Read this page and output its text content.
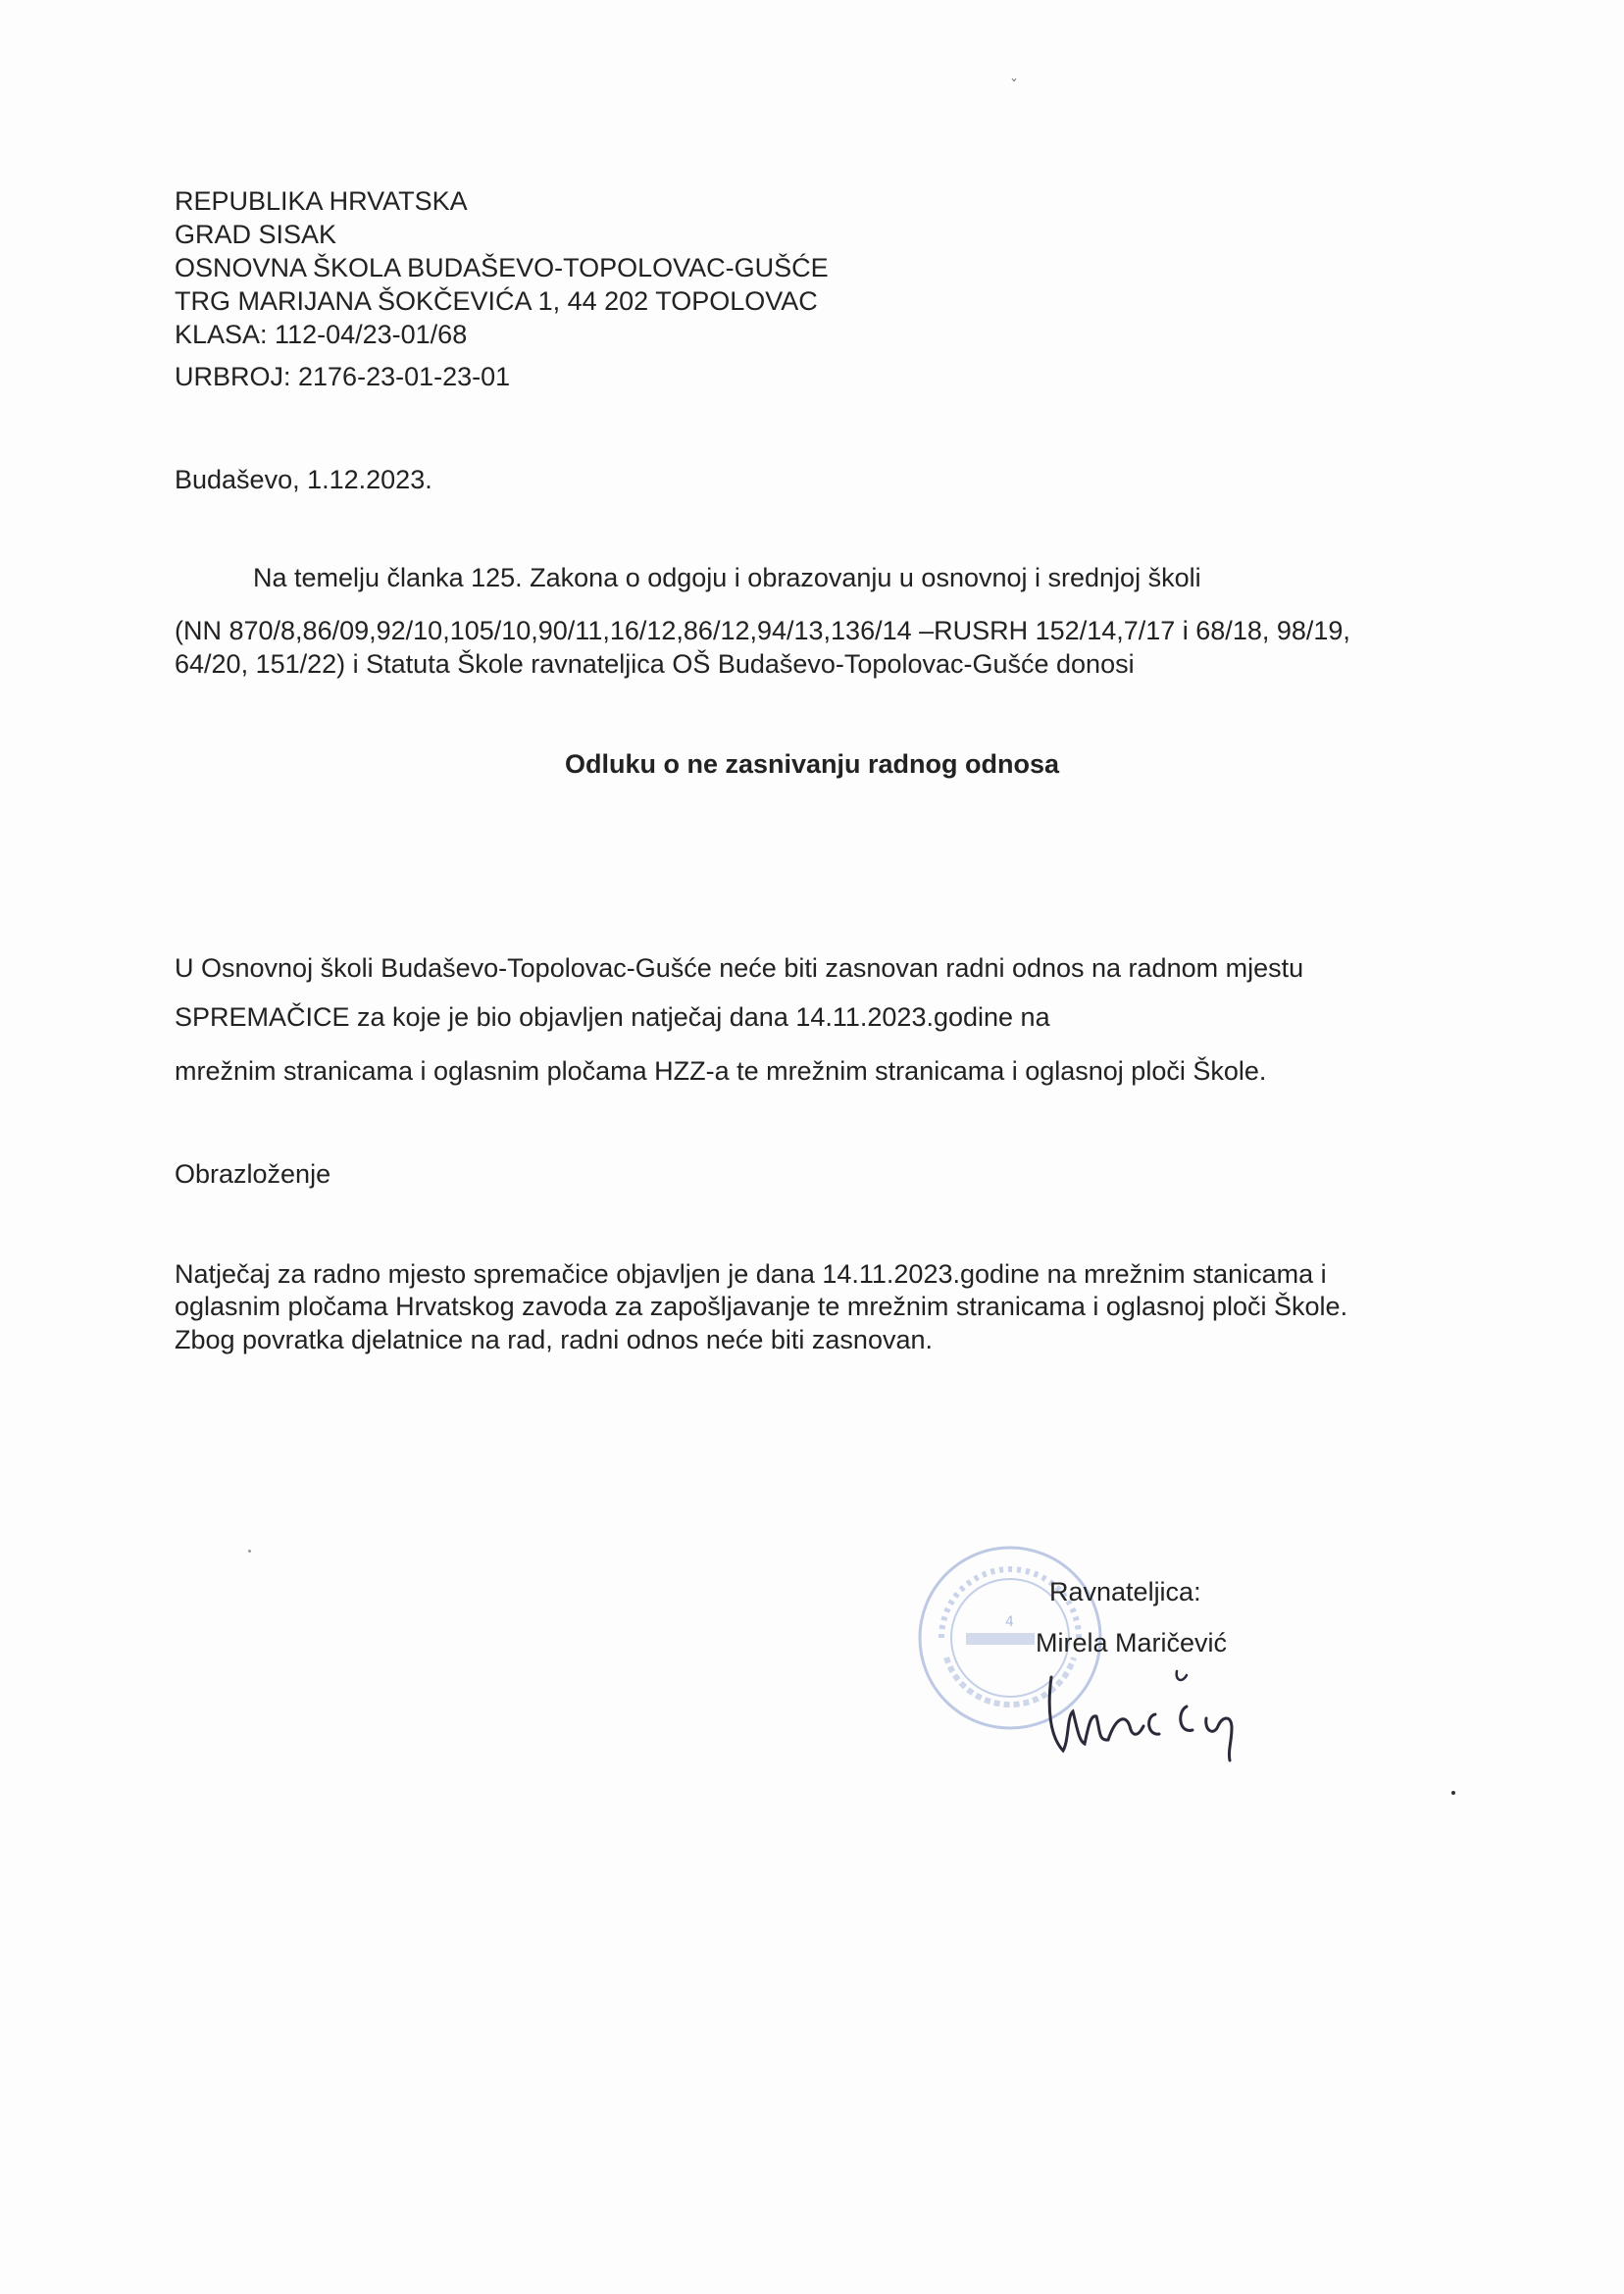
ˇ
REPUBLIKA HRVATSKA
GRAD SISAK
OSNOVNA ŠKOLA BUDAŠEVO-TOPOLOVAC-GUŠĆE
TRG MARIJANA ŠOKČEVIĆA 1, 44 202 TOPOLOVAC
KLASA: 112-04/23-01/68
URBROJ: 2176-23-01-23-01
Budaševo, 1.12.2023.
Na temelju članka 125. Zakona o odgoju i obrazovanju u osnovnoj i srednjoj školi
(NN 870/8,86/09,92/10,105/10,90/11,16/12,86/12,94/13,136/14 –RUSRH 152/14,7/17 i 68/18, 98/19,
64/20, 151/22) i Statuta Škole ravnateljica OŠ Budaševo-Topolovac-Gušće donosi
Odluku o ne zasnivanju radnog odnosa
U Osnovnoj školi Budaševo-Topolovac-Gušće neće biti zasnovan radni odnos na radnom mjestu
SPREMAČICE za koje je bio objavljen natječaj dana 14.11.2023.godine na
mrežnim stranicama i oglasnim pločama HZZ-a te mrežnim stranicama i oglasnoj ploči Škole.
Obrazloženje
Natječaj za radno mjesto spremačice objavljen je dana 14.11.2023.godine na mrežnim stanicama i
oglasnim pločama Hrvatskog zavoda za zapošljavanje te mrežnim stranicama i oglasnoj ploči Škole.
Zbog povratka djelatnice na rad, radni odnos neće biti zasnovan.
4
Ravnateljica:
Mirela Maričević
